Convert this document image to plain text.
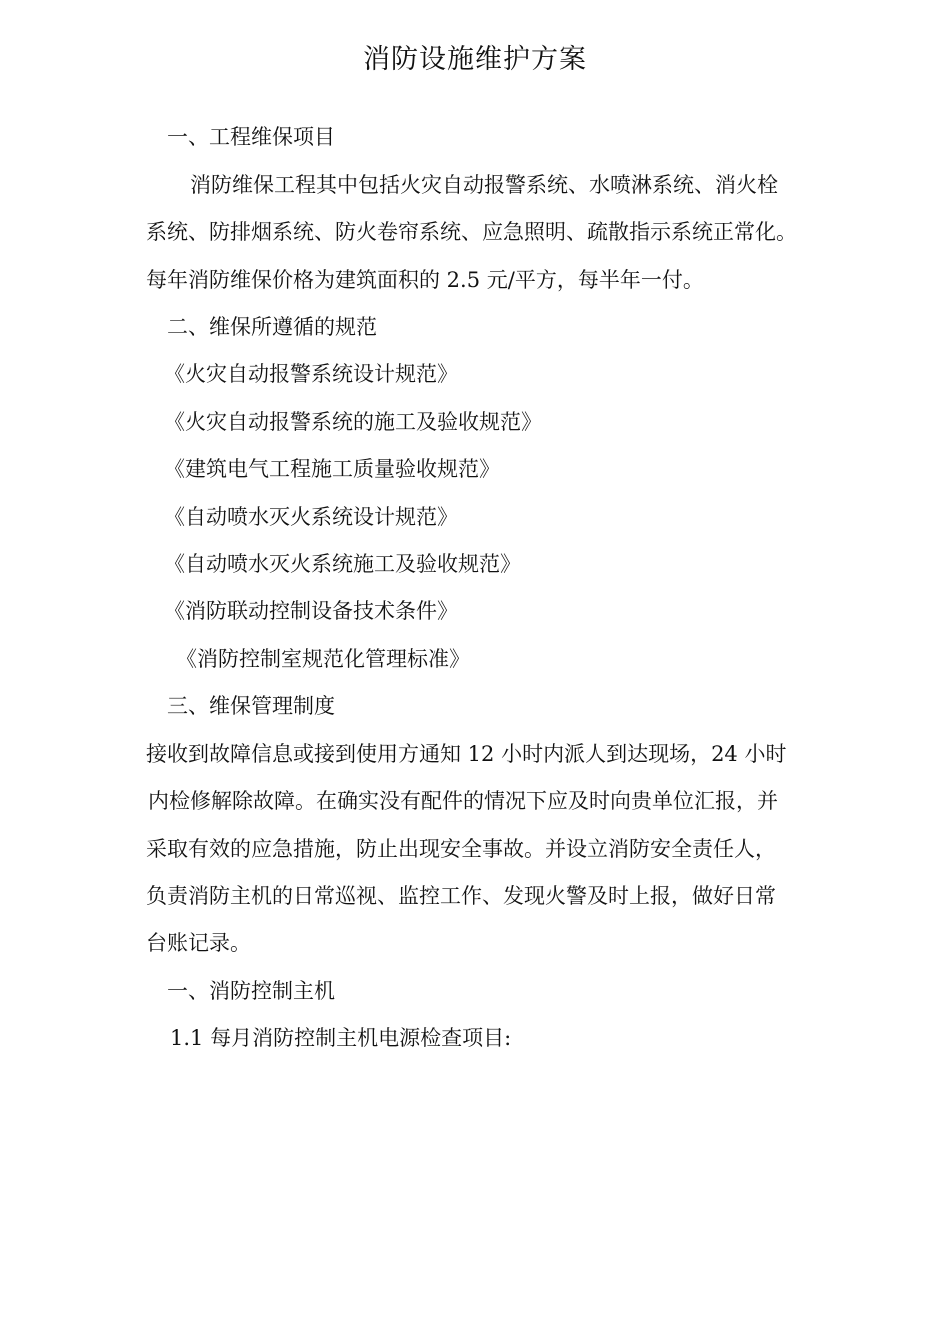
消防设施维护方案
一、工程维保项目
消防维保工程其中包括火灾自动报警系统、水喷淋系统、消火栓
系统、防排烟系统、防火卷帘系统、应急照明、疏散指示系统正常化。
每年消防维保价格为建筑面积的 2.5 元/平方，每半年一付。
二、维保所遵循的规范
《火灾自动报警系统设计规范》
《火灾自动报警系统的施工及验收规范》
《建筑电气工程施工质量验收规范》
《自动喷水灭火系统设计规范》
《自动喷水灭火系统施工及验收规范》
《消防联动控制设备技术条件》
《消防控制室规范化管理标准》
三、维保管理制度
接收到故障信息或接到使用方通知 12 小时内派人到达现场，24 小时
内检修解除故障。在确实没有配件的情况下应及时向贵单位汇报，并
采取有效的应急措施，防止出现安全事故。并设立消防安全责任人，
负责消防主机的日常巡视、监控工作、发现火警及时上报，做好日常
台账记录。
一、消防控制主机
1.1 每月消防控制主机电源检查项目:
